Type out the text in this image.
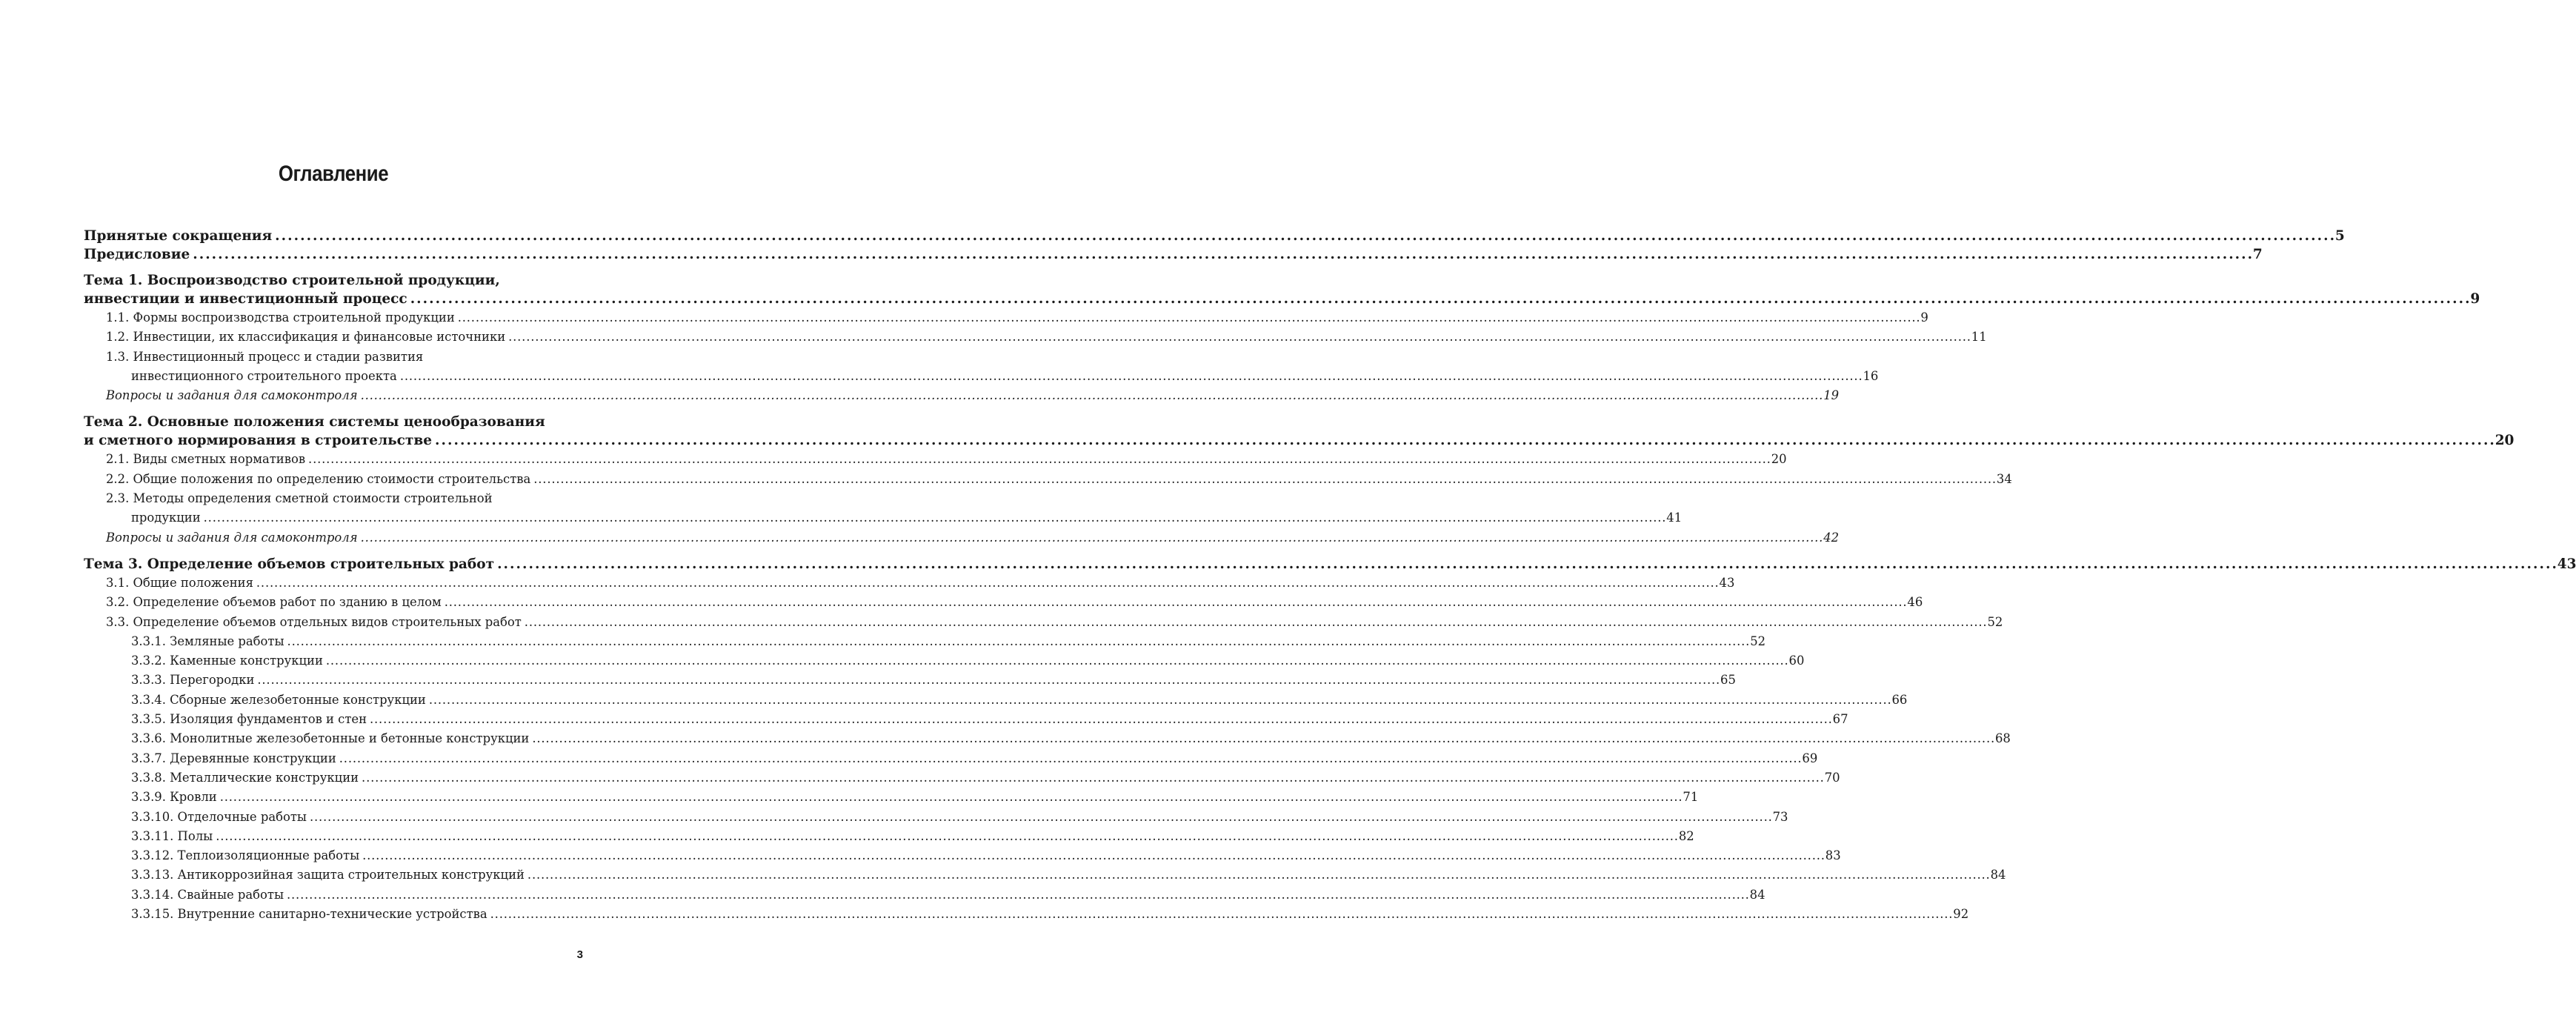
Оглавление
Принятые сокращения . . .	5
Предисловие . . .	7
Тема 1. Воспроизводство строительной продукции,
инвестиции и инвестиционный процесс . . .	9
1.1. Формы воспроизводства строительной продукции . . .	9
1.2. Инвестиции, их классификация и финансовые источники . . .	11
1.3. Инвестиционный процесс и стадии развития
инвестиционного строительного проекта . . .	16
Вопросы и задания для самоконтроля . . .	19
Тема 2. Основные положения системы ценообразования
и сметного нормирования в строительстве . . .	20
2.1. Виды сметных нормативов . . .	20
2.2. Общие положения по определению стоимости строительства . . .	34
2.3. Методы определения сметной стоимости строительной
продукции . . .	41
Вопросы и задания для самоконтроля . . .	42
Тема 3. Определение объемов строительных работ . . .	43
3.1. Общие положения . . .	43
3.2. Определение объемов работ по зданию в целом . . .	46
3.3. Определение объемов отдельных видов строительных работ . . .	52
3.3.1. Земляные работы . . .	52
3.3.2. Каменные конструкции . . .	60
3.3.3. Перегородки . . .	65
3.3.4. Сборные железобетонные конструкции . . .	66
3.3.5. Изоляция фундаментов и стен . . .	67
3.3.6. Монолитные железобетонные и бетонные конструкции . . .	68
3.3.7. Деревянные конструкции . . .	69
3.3.8. Металлические конструкции . . .	70
3.3.9. Кровли . . .	71
3.3.10. Отделочные работы . . .	73
3.3.11. Полы . . .	82
3.3.12. Теплоизоляционные работы . . .	83
3.3.13. Антикоррозийная защита строительных конструкций . . .	84
3.3.14. Свайные работы . . .	84
3.3.15. Внутренние санитарно-технические устройства . . .	92
3
